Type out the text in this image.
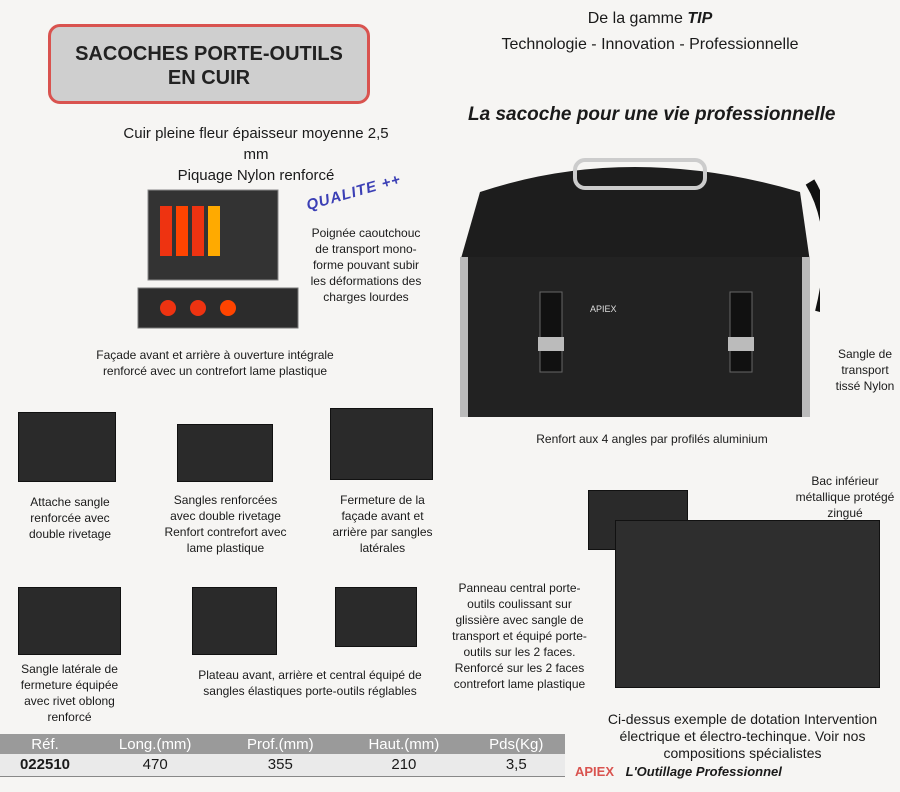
SACOCHES PORTE-OUTILS
EN CUIR
De la gamme TIP
Technologie - Innovation - Professionnelle
La sacoche pour une vie professionnelle
Cuir pleine fleur épaisseur moyenne 2,5 mm
Piquage Nylon renforcé
QUALITE ++
Poignée caoutchouc de transport mono-forme pouvant subir les déformations des charges lourdes
Façade avant et arrière à ouverture intégrale renforcé avec un contrefort lame plastique
APIEX
Sangle de transport tissé Nylon
Renfort aux 4 angles par profilés aluminium
Attache sangle renforcée avec double rivetage
Sangles renforcées avec double rivetage Renfort contrefort avec lame plastique
Fermeture de la façade avant et arrière par sangles latérales
Sangle latérale de fermeture équipée avec rivet oblong renforcé
Plateau avant, arrière et central équipé de sangles élastiques porte-outils réglables
Bac inférieur métallique protégé zingué
Panneau central porte-outils coulissant sur glissière avec sangle de transport et équipé porte-outils sur les 2 faces. Renforcé sur les 2 faces contrefort lame plastique
Ci-dessus exemple de dotation Intervention électrique et électro-techinque. Voir nos compositions spécialistes
Réf.	Long.(mm)	Prof.(mm)	Haut.(mm)	Pds(Kg)
022510	470	355	210	3,5	APIEX L'Outillage Professionnel
